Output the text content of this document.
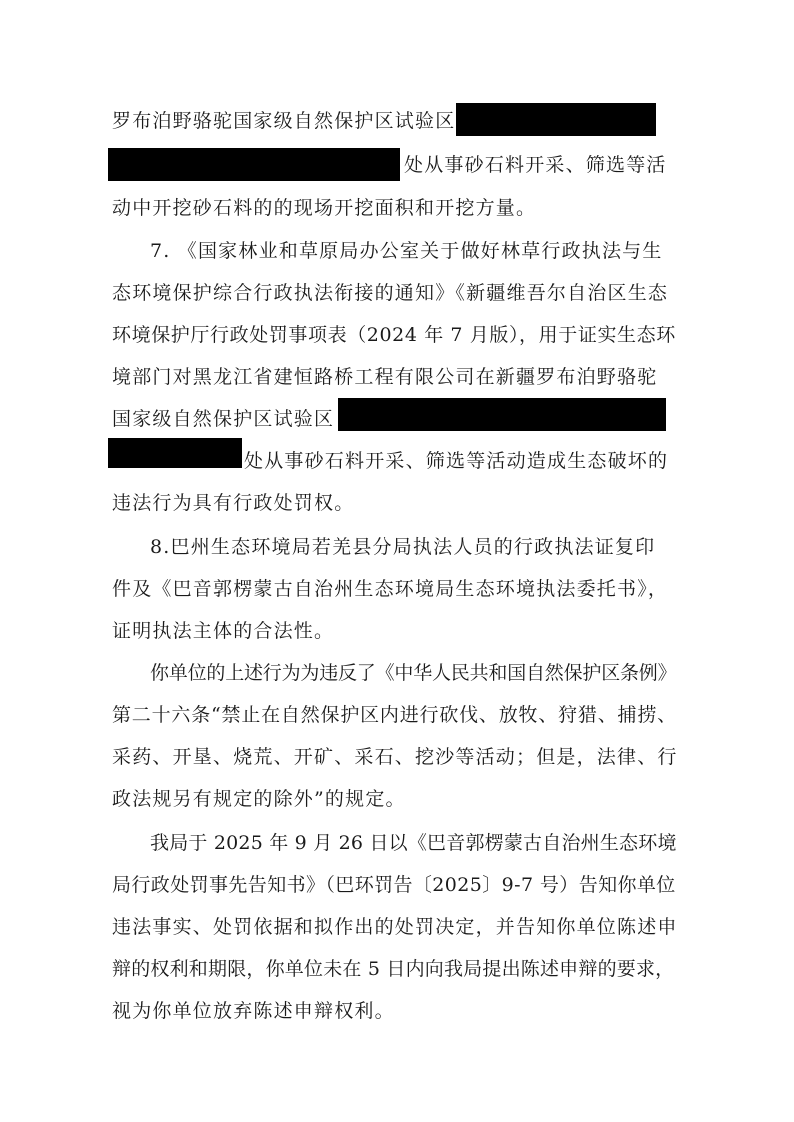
罗布泊野骆驼国家级自然保护区试验区
处从事砂石料开采、筛选等活
动中开挖砂石料的的现场开挖面积和开挖方量。
7. 《国家林业和草原局办公室关于做好林草行政执法与生
态环境保护综合行政执法衔接的通知》《新疆维吾尔自治区生态
环境保护厅行政处罚事项表（2024 年 7 月版），用于证实生态环
境部门对黑龙江省建恒路桥工程有限公司在新疆罗布泊野骆驼
国家级自然保护区试验区
处从事砂石料开采、筛选等活动造成生态破坏的
违法行为具有行政处罚权。
8.巴州生态环境局若羌县分局执法人员的行政执法证复印
件及《巴音郭楞蒙古自治州生态环境局生态环境执法委托书》，
证明执法主体的合法性。
你单位的上述行为为违反了《中华人民共和国自然保护区条例》
第二十六条“禁止在自然保护区内进行砍伐、放牧、狩猎、捕捞、
采药、开垦、烧荒、开矿、采石、挖沙等活动；但是，法律、行
政法规另有规定的除外”的规定。
我局于 2025 年 9 月 26 日以《巴音郭楞蒙古自治州生态环境
局行政处罚事先告知书》（巴环罚告〔2025〕9-7 号）告知你单位
违法事实、处罚依据和拟作出的处罚决定，并告知你单位陈述申
辩的权利和期限，你单位未在 5 日内向我局提出陈述申辩的要求，
视为你单位放弃陈述申辩权利。
